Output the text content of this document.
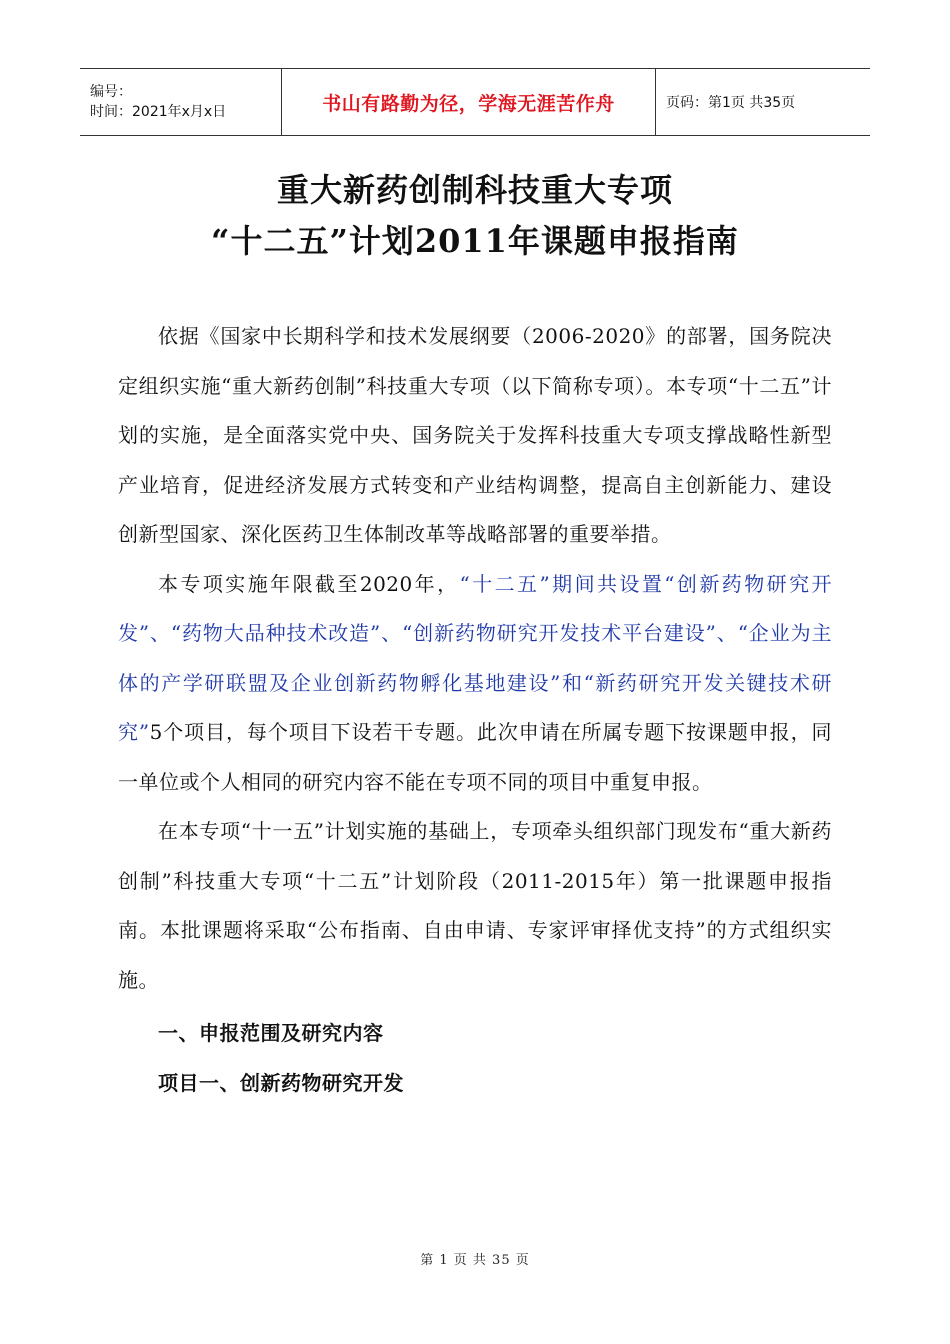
编号：
时间：2021年x月x日	书山有路勤为径，学海无涯苦作舟	页码：第1页 共35页
重大新药创制科技重大专项
“十二五”计划2011年课题申报指南

依据《国家中长期科学和技术发展纲要（2006-2020》的部署，国务院决定组织实施“重大新药创制”科技重大专项（以下简称专项）。本专项“十二五”计划的实施，是全面落实党中央、国务院关于发挥科技重大专项支撑战略性新型产业培育，促进经济发展方式转变和产业结构调整，提高自主创新能力、建设创新型国家、深化医药卫生体制改革等战略部署的重要举措。

本专项实施年限截至2020年，“十二五”期间共设置“创新药物研究开发”、“药物大品种技术改造”、“创新药物研究开发技术平台建设”、“企业为主体的产学研联盟及企业创新药物孵化基地建设”和“新药研究开发关键技术研究”5个项目，每个项目下设若干专题。此次申请在所属专题下按课题申报，同一单位或个人相同的研究内容不能在专项不同的项目中重复申报。

在本专项“十一五”计划实施的基础上，专项牵头组织部门现发布“重大新药创制”科技重大专项“十二五”计划阶段（2011-2015年）第一批课题申报指南。本批课题将采取“公布指南、自由申请、专家评审择优支持”的方式组织实施。

一、申报范围及研究内容

项目一、创新药物研究开发

第 1 页 共 35 页
